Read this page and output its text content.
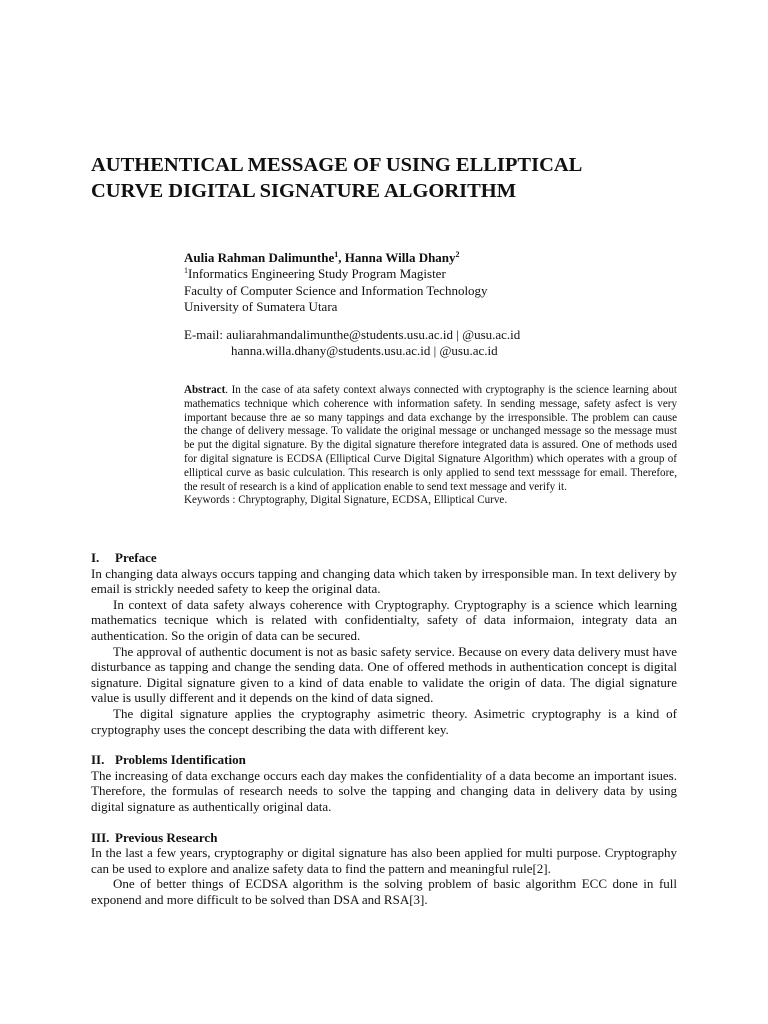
AUTHENTICAL MESSAGE OF USING ELLIPTICAL
CURVE DIGITAL SIGNATURE ALGORITHM
Aulia Rahman Dalimunthe$^1$, Hanna Willa Dhany$^2$
$^1$Informatics Engineering Study Program Magister
Faculty of Computer Science and Information Technology
University of Sumatera Utara
E-mail: auliarahmandalimunthe@students.usu.ac.id | @usu.ac.id
hanna.willa.dhany@students.usu.ac.id | @usu.ac.id

Abstract. In the case of ata safety context always connected with cryptography is the science learning about mathematics technique which coherence with information safety. In sending message, safety asfect is very important because thre ae so many tappings and data exchange by the irresponsible. The problem can cause the change of delivery message. To validate the original message or unchanged message so the message must be put the digital signature. By the digital signature therefore integrated data is assured. One of methods used for digital signature is ECDSA (Elliptical Curve Digital Signature Algorithm) which operates with a group of elliptical curve as basic culculation. This research is only applied to send text messsage for email. Therefore, the result of research is a kind of application enable to send text message and verify it.

Keywords : Chryptography, Digital Signature, ECDSA, Elliptical Curve.

I. Preface

In changing data always occurs tapping and changing data which taken by irresponsible man. In text delivery by email is strickly needed safety to keep the original data.

In context of data safety always coherence with Cryptography. Cryptography is a science which learning mathematics tecnique which is related with confidentialty, safety of data informaion, integraty data an authentication. So the origin of data can be secured.

The approval of authentic document is not as basic safety service. Because on every data delivery must have disturbance as tapping and change the sending data. One of offered methods in authentication concept is digital signature. Digital signature given to a kind of data enable to validate the origin of data. The digial signature value is usully different and it depends on the kind of data signed.

The digital signature applies the cryptography asimetric theory. Asimetric cryptography is a kind of cryptography uses the concept describing the data with different key.

II. Problems Identification

The increasing of data exchange occurs each day makes the confidentiality of a data become an important isues. Therefore, the formulas of research needs to solve the tapping and changing data in delivery data by using digital signature as authentically original data.

III. Previous Research

In the last a few years, cryptography or digital signature has also been applied for multi purpose. Cryptography can be used to explore and analize safety data to find the pattern and meaningful rule[2].

One of better things of ECDSA algorithm is the solving problem of basic algorithm ECC done in full exponend and more difficult to be solved than DSA and RSA[3].
